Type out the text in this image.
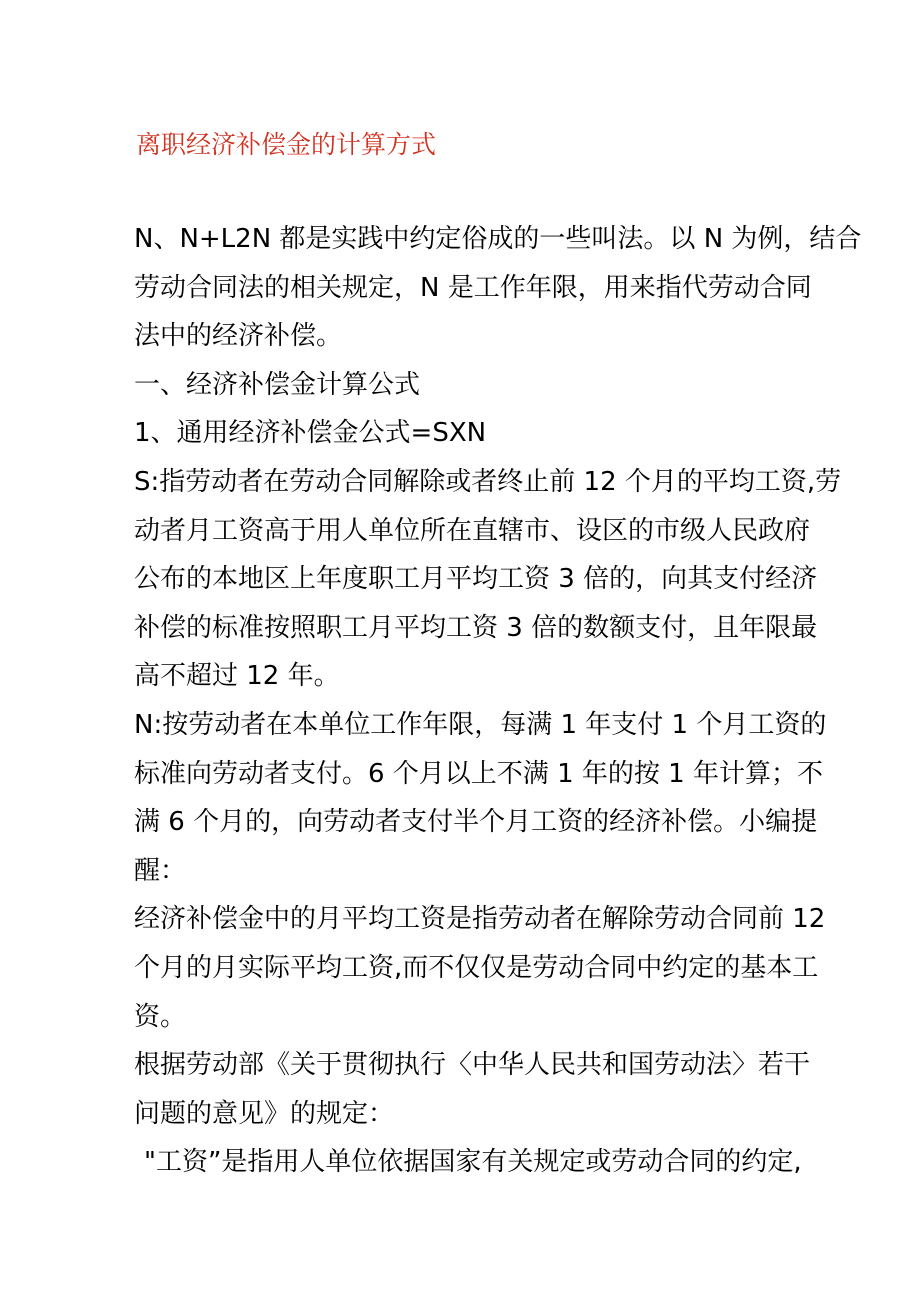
离职经济补偿金的计算方式
N、N+L2N 都是实践中约定俗成的一些叫法。以 N 为例，结合
劳动合同法的相关规定，N 是工作年限，用来指代劳动合同
法中的经济补偿。
一、经济补偿金计算公式
1、通用经济补偿金公式=SXN
S:指劳动者在劳动合同解除或者终止前 12 个月的平均工资,劳
动者月工资高于用人单位所在直辖市、设区的市级人民政府
公布的本地区上年度职工月平均工资 3 倍的，向其支付经济
补偿的标准按照职工月平均工资 3 倍的数额支付，且年限最
高不超过 12 年。
N:按劳动者在本单位工作年限，每满 1 年支付 1 个月工资的
标准向劳动者支付。6 个月以上不满 1 年的按 1 年计算；不
满 6 个月的，向劳动者支付半个月工资的经济补偿。小编提
醒：
经济补偿金中的月平均工资是指劳动者在解除劳动合同前 12
个月的月实际平均工资,而不仅仅是劳动合同中约定的基本工
资。
根据劳动部《关于贯彻执行〈中华人民共和国劳动法〉若干
问题的意见》的规定：
"工资”是指用人单位依据国家有关规定或劳动合同的约定,
